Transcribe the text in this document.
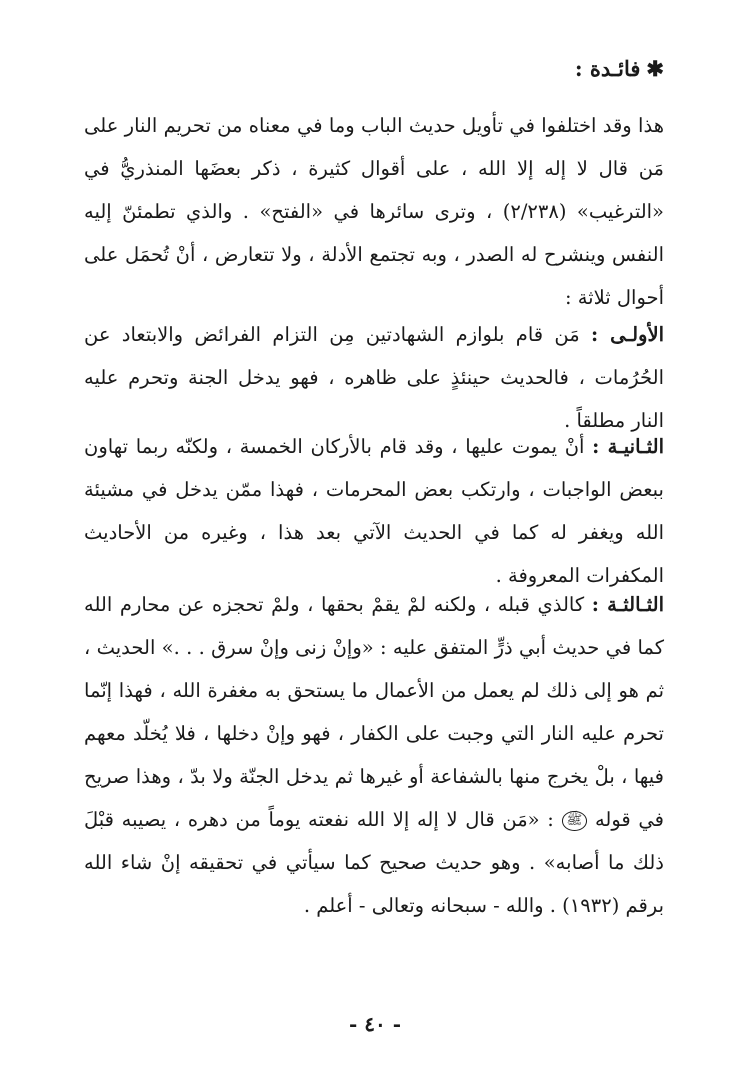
✱فائـدة :

هذا وقد اختلفوا في تأويل حديث الباب وما في معناه من تحريم النار على مَن قال لا إله إلا الله ، على أقوال كثيرة ، ذكر بعضَها المنذريُّ في «الترغيب» (٢/٢٣٨) ، وترى سائرها في «الفتح» . والذي تطمئنّ إليه النفس وينشرح له الصدر ، وبه تجتمع الأدلة ، ولا تتعارض ، أنْ تُحمَل على أحوال ثلاثة :

الأولـى : مَن قام بلوازم الشهادتين مِن التزام الفرائض والابتعاد عن الحُرُمات ، فالحديث حينئذٍ على ظاهره ، فهو يدخل الجنة وتحرم عليه النار مطلقاً .

الثـانيـة : أنْ يموت عليها ، وقد قام بالأركان الخمسة ، ولكنّه ربما تهاون ببعض الواجبات ، وارتكب بعض المحرمات ، فهذا ممّن يدخل في مشيئة الله ويغفر له كما في الحديث الآتي بعد هذا ، وغيره من الأحاديث المكفرات المعروفة .

الثـالثـة : كالذي قبله ، ولكنه لمْ يقمْ بحقها ، ولمْ تحجزه عن محارم الله كما في حديث أبي ذرٍّ المتفق عليه : «وإنْ زنى وإنْ سرق . . .» الحديث ، ثم هو إلى ذلك لم يعمل من الأعمال ما يستحق به مغفرة الله ، فهذا إنّما تحرم عليه النار التي وجبت على الكفار ، فهو وإنْ دخلها ، فلا يُخلّد معهم فيها ، بلْ يخرج منها بالشفاعة أو غيرها ثم يدخل الجنّة ولا بدّ ، وهذا صريح في قوله ﷺ : «مَن قال لا إله إلا الله نفعته يوماً من دهره ، يصيبه قبْلَ ذلك ما أصابه» . وهو حديث صحيح كما سيأتي في تحقيقه إنْ شاء الله برقم (١٩٣٢) . والله - سبحانه وتعالى - أعلم .

- ٤٠ -
